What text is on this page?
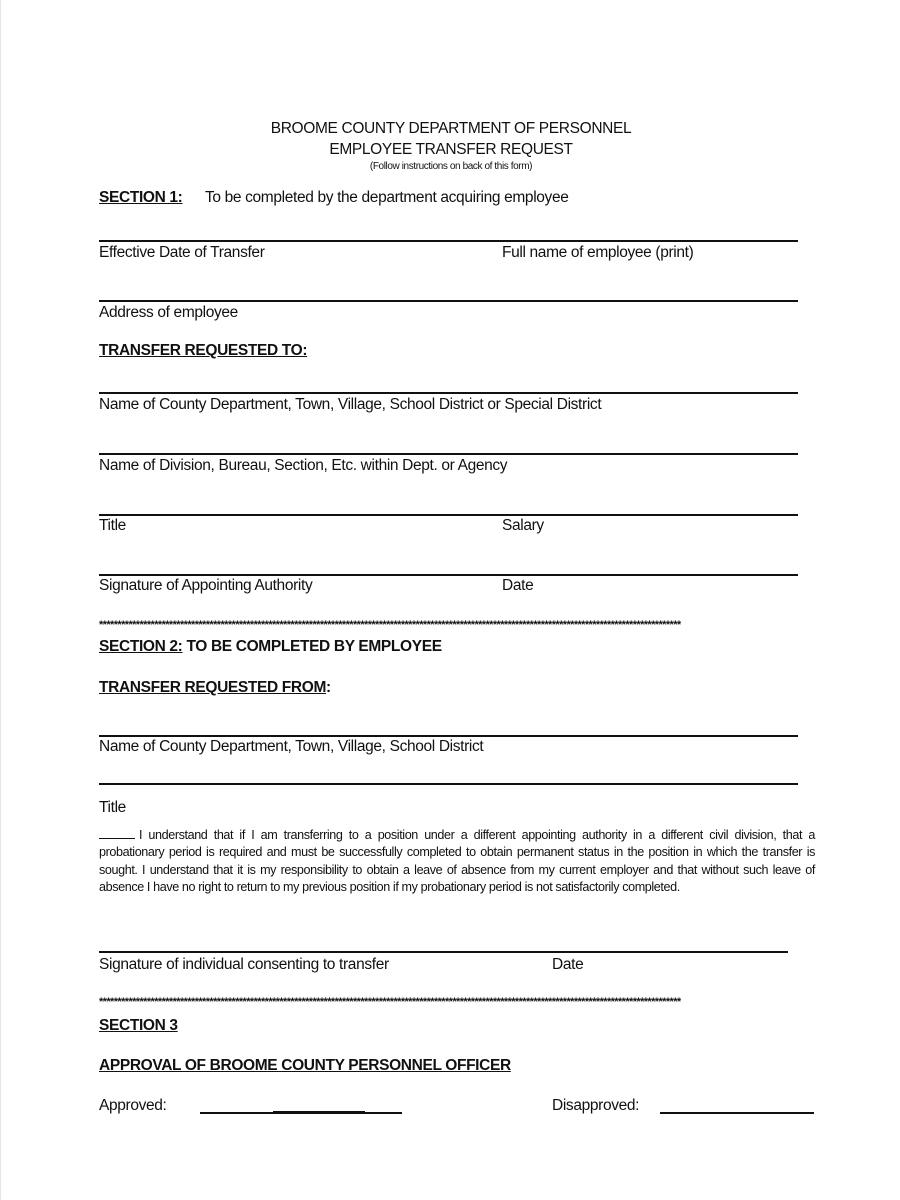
BROOME COUNTY DEPARTMENT OF PERSONNEL
EMPLOYEE TRANSFER REQUEST
(Follow instructions on back of this form)
SECTION 1: To be completed by the department acquiring employee
Effective Date of Transfer	Full name of employee (print)
Address of employee
TRANSFER REQUESTED TO:
Name of County Department, Town, Village, School District or Special District
Name of Division, Bureau, Section, Etc. within Dept. or Agency
Title	Salary
Signature of Appointing Authority	Date
**************************************************************************************************************************************************************
SECTION 2: TO BE COMPLETED BY EMPLOYEE
TRANSFER REQUESTED FROM:
Name of County Department, Town, Village, School District
Title
I understand that if I am transferring to a position under a different appointing authority in a different civil division, that a probationary period is required and must be successfully completed to obtain permanent status in the position in which the transfer is sought. I understand that it is my responsibility to obtain a leave of absence from my current employer and that without such leave of absence I have no right to return to my previous position if my probationary period is not satisfactorily completed.
Signature of individual consenting to transfer	Date
**************************************************************************************************************************************************************
SECTION 3
APPROVAL OF BROOME COUNTY PERSONNEL OFFICER
Approved:	Disapproved:
